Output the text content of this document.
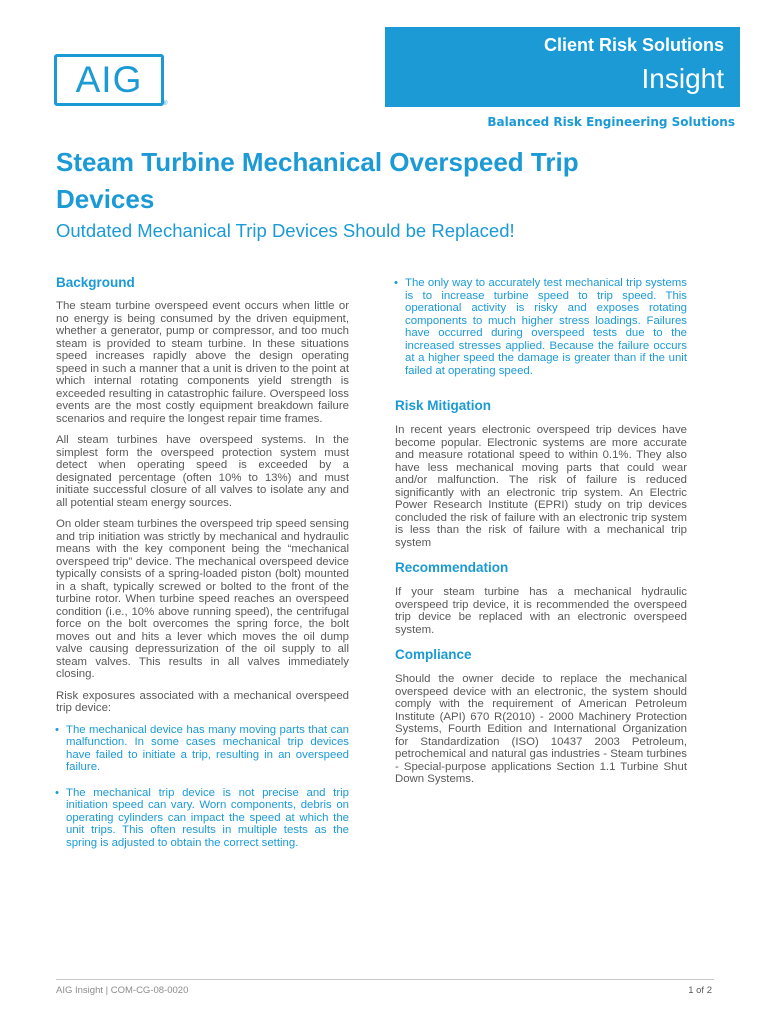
AIG
®
Client Risk Solutions
Insight
Balanced Risk Engineering Solutions
Steam Turbine Mechanical Overspeed Trip Devices
Outdated Mechanical Trip Devices Should be Replaced!
Background

The steam turbine overspeed event occurs when little or no energy is being consumed by the driven equipment, whether a generator, pump or compressor, and too much steam is provided to steam turbine. In these situations speed increases rapidly above the design operating speed in such a manner that a unit is driven to the point at which internal rotating components yield strength is exceeded resulting in catastrophic failure. Overspeed loss events are the most costly equipment breakdown failure scenarios and require the longest repair time frames.

All steam turbines have overspeed systems. In the simplest form the overspeed protection system must detect when operating speed is exceeded by a designated percentage (often 10% to 13%) and must initiate successful closure of all valves to isolate any and all potential steam energy sources.

On older steam turbines the overspeed trip speed sensing and trip initiation was strictly by mechanical and hydraulic means with the key component being the “mechanical overspeed trip” device. The mechanical overspeed device typically consists of a spring-loaded piston (bolt) mounted in a shaft, typically screwed or bolted to the front of the turbine rotor. When turbine speed reaches an overspeed condition (i.e., 10% above running speed), the centrifugal force on the bolt overcomes the spring force, the bolt moves out and hits a lever which moves the oil dump valve causing depressurization of the oil supply to all steam valves. This results in all valves immediately closing.

Risk exposures associated with a mechanical overspeed trip device:

• The mechanical device has many moving parts that can malfunction. In some cases mechanical trip devices have failed to initiate a trip, resulting in an overspeed failure.
• The mechanical trip device is not precise and trip initiation speed can vary. Worn components, debris on operating cylinders can impact the speed at which the unit trips. This often results in multiple tests as the spring is adjusted to obtain the correct setting.
• The only way to accurately test mechanical trip systems is to increase turbine speed to trip speed. This operational activity is risky and exposes rotating components to much higher stress loadings. Failures have occurred during overspeed tests due to the increased stresses applied. Because the failure occurs at a higher speed the damage is greater than if the unit failed at operating speed.
Risk Mitigation

In recent years electronic overspeed trip devices have become popular. Electronic systems are more accurate and measure rotational speed to within 0.1%. They also have less mechanical moving parts that could wear and/or malfunction. The risk of failure is reduced significantly with an electronic trip system. An Electric Power Research Institute (EPRI) study on trip devices concluded the risk of failure with an electronic trip system is less than the risk of failure with a mechanical trip system

Recommendation

If your steam turbine has a mechanical hydraulic overspeed trip device, it is recommended the overspeed trip device be replaced with an electronic overspeed system.

Compliance

Should the owner decide to replace the mechanical overspeed device with an electronic, the system should comply with the requirement of American Petroleum Institute (API) 670 R(2010) - 2000 Machinery Protection Systems, Fourth Edition and International Organization for Standardization (ISO) 10437 2003 Petroleum, petrochemical and natural gas industries - Steam turbines - Special-purpose applications Section 1.1 Turbine Shut Down Systems.

AIG Insight | COM-CG-08-0020	1 of 2
